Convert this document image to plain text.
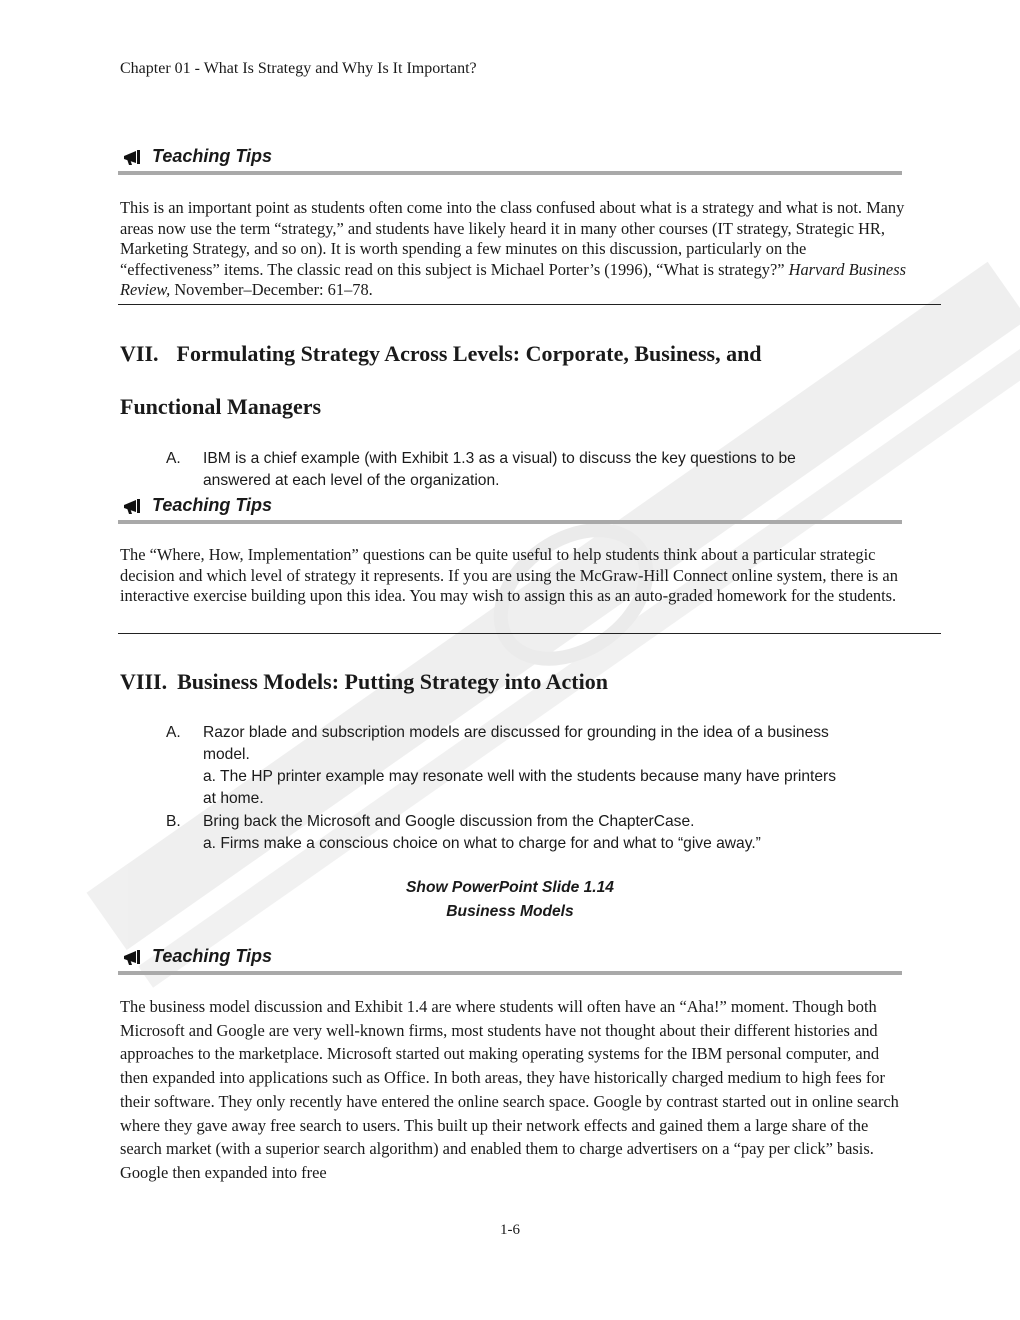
Chapter 01 - What Is Strategy and Why Is It Important?
Teaching Tips

This is an important point as students often come into the class confused about what is a strategy and what is not. Many areas now use the term “strategy,” and students have likely heard it in many other courses (IT strategy, Strategic HR, Marketing Strategy, and so on). It is worth spending a few minutes on this discussion, particularly on the “effectiveness” items. The classic read on this subject is Michael Porter’s (1996), “What is strategy?” Harvard Business Review, November–December: 61–78.

VII. Formulating Strategy Across Levels: Corporate, Business, and
Functional Managers
A. IBM is a chief example (with Exhibit 1.3 as a visual) to discuss the key questions to be
answered at each level of the organization.
Teaching Tips

The “Where, How, Implementation” questions can be quite useful to help students think about a particular strategic decision and which level of strategy it represents. If you are using the McGraw-Hill Connect online system, there is an interactive exercise building upon this idea. You may wish to assign this as an auto-graded homework for the students.

VIII. Business Models: Putting Strategy into Action
A. Razor blade and subscription models are discussed for grounding in the idea of a business
model.
a. The HP printer example may resonate well with the students because many have printers
at home.
B. Bring back the Microsoft and Google discussion from the ChapterCase.
a. Firms make a conscious choice on what to charge for and what to “give away.”
Show PowerPoint Slide 1.14
Business Models
Teaching Tips

The business model discussion and Exhibit 1.4 are where students will often have an “Aha!” moment. Though both Microsoft and Google are very well-known firms, most students have not thought about their different histories and approaches to the marketplace. Microsoft started out making operating systems for the IBM personal computer, and then expanded into applications such as Office. In both areas, they have historically charged medium to high fees for their software. They only recently have entered the online search space. Google by contrast started out in online search where they gave away free search to users. This built up their network effects and gained them a large share of the search market (with a superior search algorithm) and enabled them to charge advertisers on a “pay per click” basis. Google then expanded into free

1-6
